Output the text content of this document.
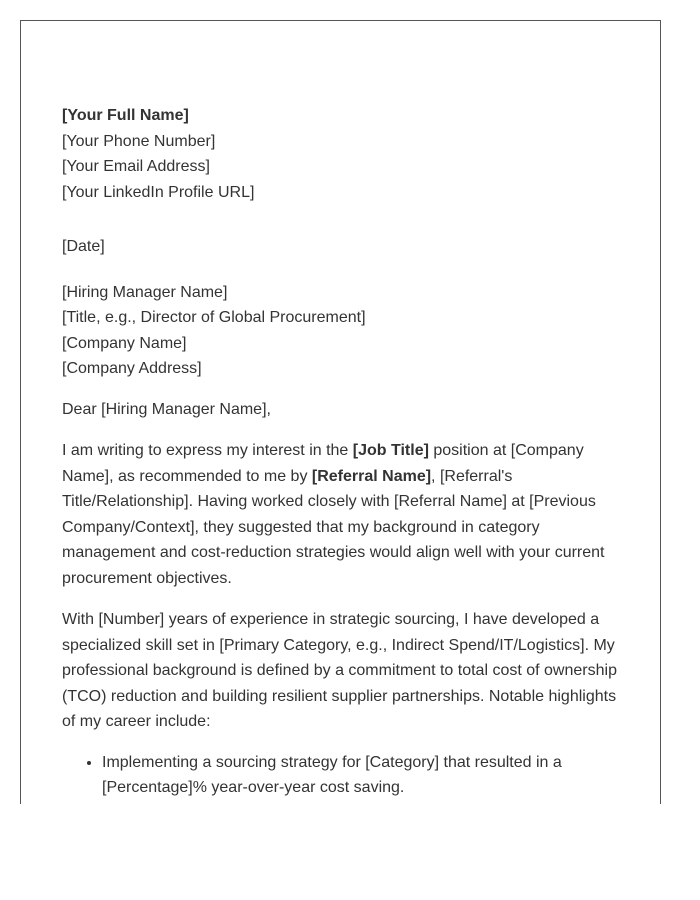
[Your Full Name]
[Your Phone Number]
[Your Email Address]
[Your LinkedIn Profile URL]
[Date]
[Hiring Manager Name]
[Title, e.g., Director of Global Procurement]
[Company Name]
[Company Address]

Dear [Hiring Manager Name],

I am writing to express my interest in the [Job Title] position at [Company Name], as recommended to me by [Referral Name], [Referral's Title/Relationship]. Having worked closely with [Referral Name] at [Previous Company/Context], they suggested that my background in category management and cost-reduction strategies would align well with your current procurement objectives.

With [Number] years of experience in strategic sourcing, I have developed a specialized skill set in [Primary Category, e.g., Indirect Spend/IT/Logistics]. My professional background is defined by a commitment to total cost of ownership (TCO) reduction and building resilient supplier partnerships. Notable highlights of my career include:

• Implementing a sourcing strategy for [Category] that resulted in a [Percentage]% year-over-year cost saving.
